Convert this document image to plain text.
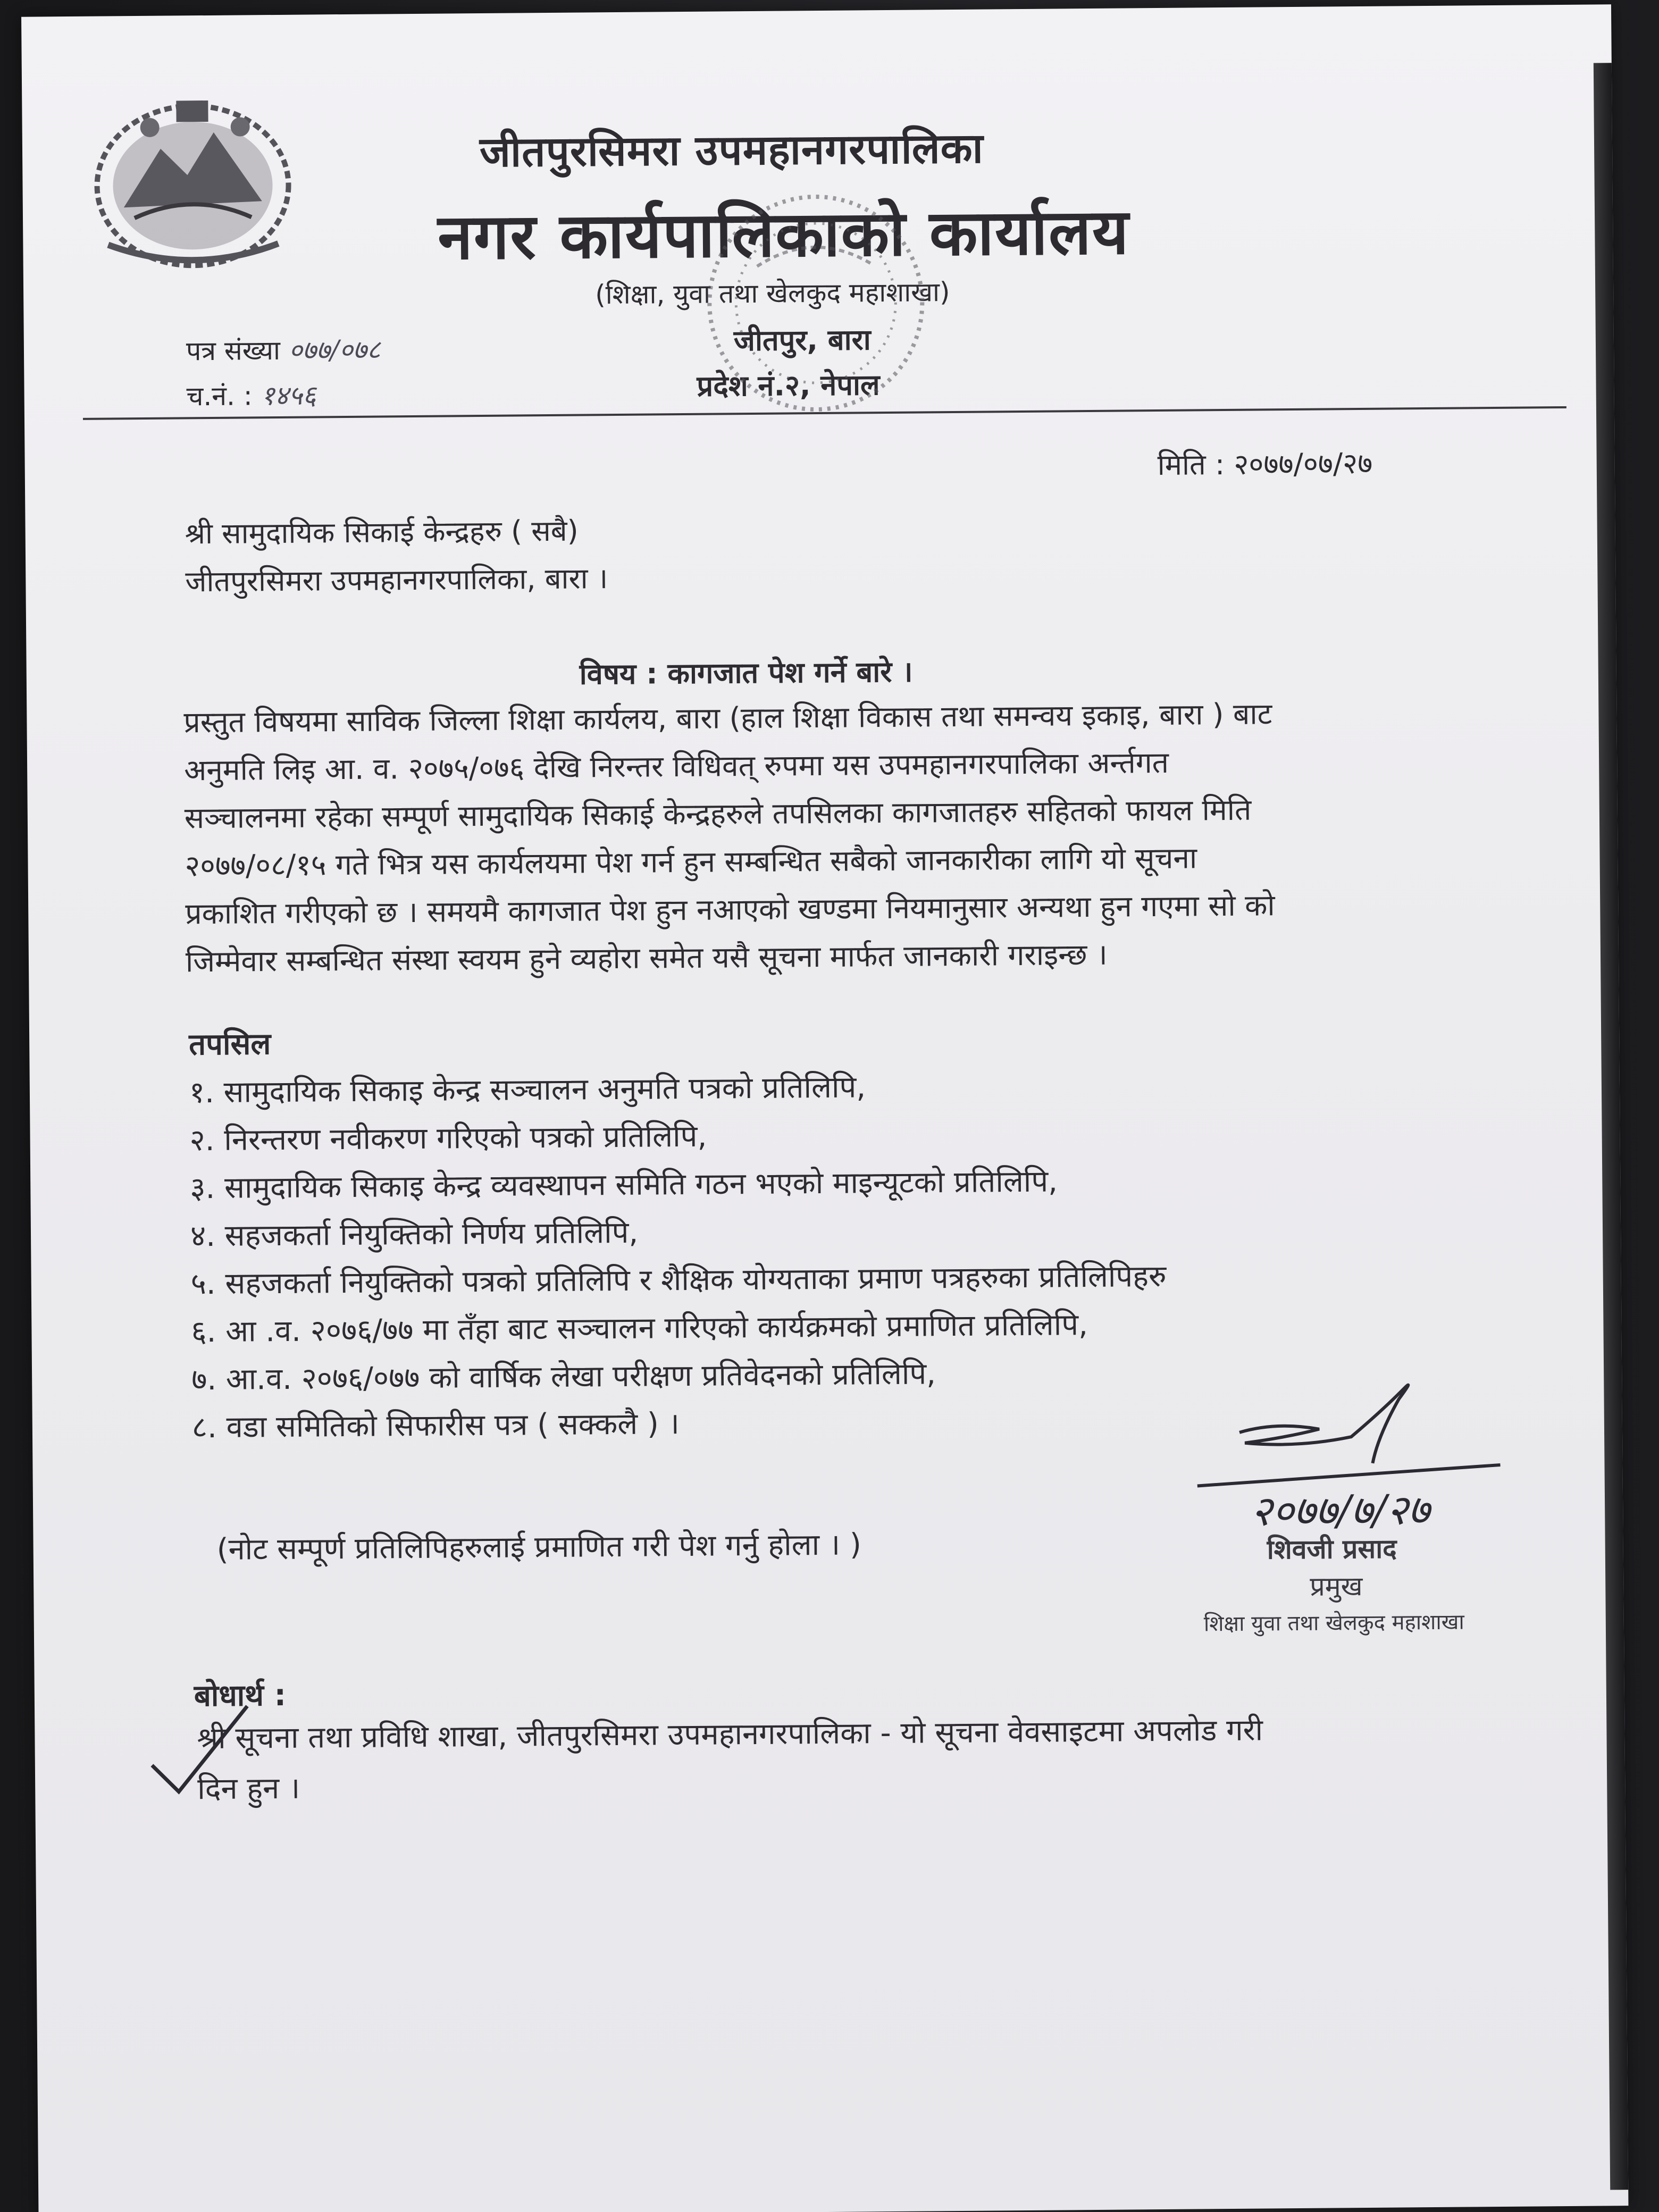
जीतपुरसिमरा उपमहानगरपालिका
नगर कार्यपालिकाको कार्यालय
(शिक्षा, युवा तथा खेलकुद महाशाखा)
जीतपुर, बारा
प्रदेश नं.२, नेपाल
पत्र संख्या ०७७/०७८
च.नं. : १४५६
मिति : २०७७/०७/२७
श्री सामुदायिक सिकाई केन्द्रहरु ( सबै)
जीतपुरसिमरा उपमहानगरपालिका, बारा ।
विषय : कागजात पेश गर्ने बारे ।
प्रस्तुत विषयमा साविक जिल्ला शिक्षा कार्यलय, बारा (हाल शिक्षा विकास तथा समन्वय इकाइ, बारा ) बाट
अनुमति लिइ आ. व. २०७५/०७६ देखि निरन्तर विधिवत् रुपमा यस उपमहानगरपालिका अर्न्तगत
सञ्चालनमा रहेका सम्पूर्ण सामुदायिक सिकाई केन्द्रहरुले तपसिलका कागजातहरु सहितको फायल मिति
२०७७/०८/१५ गते भित्र यस कार्यलयमा पेश गर्न हुन सम्बन्धित सबैको जानकारीका लागि यो सूचना
प्रकाशित गरीएको छ । समयमै कागजात पेश हुन नआएको खण्डमा नियमानुसार अन्यथा हुन गएमा सो को
जिम्मेवार सम्बन्धित संस्था स्वयम हुने व्यहोरा समेत यसै सूचना मार्फत जानकारी गराइन्छ ।
तपसिल
१. सामुदायिक सिकाइ केन्द्र सञ्चालन अनुमति पत्रको प्रतिलिपि,
२. निरन्तरण नवीकरण गरिएको पत्रको प्रतिलिपि,
३. सामुदायिक सिकाइ केन्द्र व्यवस्थापन समिति गठन भएको माइन्यूटको प्रतिलिपि,
४. सहजकर्ता नियुक्तिको निर्णय प्रतिलिपि,
५. सहजकर्ता नियुक्तिको पत्रको प्रतिलिपि र शैक्षिक योग्यताका प्रमाण पत्रहरुका प्रतिलिपिहरु
६. आ .व. २०७६/७७ मा तँहा बाट सञ्चालन गरिएको कार्यक्रमको प्रमाणित प्रतिलिपि,
७. आ.व. २०७६/०७७ को वार्षिक लेखा परीक्षण प्रतिवेदनको प्रतिलिपि,
८. वडा समितिको सिफारीस पत्र ( सक्कलै ) ।
(नोट सम्पूर्ण प्रतिलिपिहरुलाई प्रमाणित गरी पेश गर्नु होला । )
२०७७/७/२७
शिवजी प्रसाद
प्रमुख
शिक्षा युवा तथा खेलकुद महाशाखा
बोधार्थ :
श्री सूचना तथा प्रविधि शाखा, जीतपुरसिमरा उपमहानगरपालिका - यो सूचना वेवसाइटमा अपलोड गरी
दिन हुन ।
